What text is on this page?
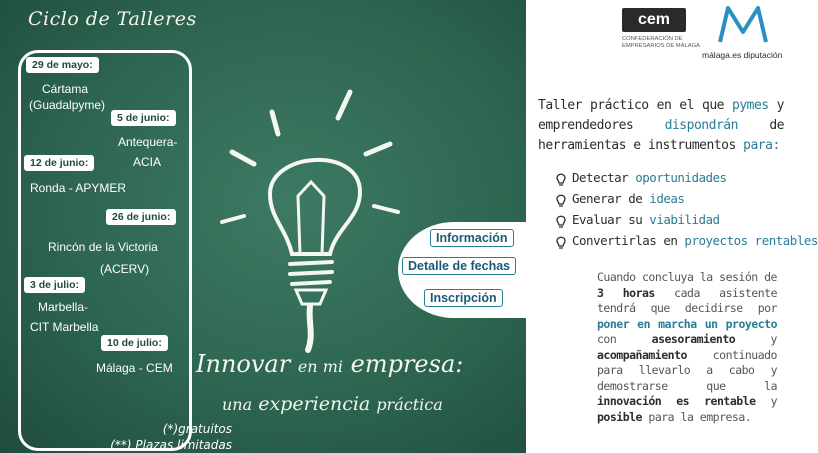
Ciclo de Talleres
29 de mayo:
Cártama
(Guadalpyme)
5 de junio:
Antequera-
ACIA
12 de junio:
Ronda - APYMER
26 de junio:
Rincón de la Victoria
(ACERV)
3 de julio:
Marbella-
CIT Marbella
10 de julio:
Málaga - CEM
Información
Detalle de fechas
Inscripción
Innovar en mi empresa:
una experiencia práctica
(*)gratuitos
(**) Plazas limitadas
cem
CONFEDERACIÓN DE EMPRESARIOS DE MÁLAGA
málaga.es diputación
Taller práctico en el que pymes y emprendedores dispondrán de herramientas e instrumentos para:
Detectar oportunidades
Generar de ideas
Evaluar su viabilidad
Convertirlas en proyectos rentables
Cuando concluya la sesión de 3 horas cada asistente tendrá que decidirse por poner en marcha un proyecto con	asesoramiento	y acompañamiento continuado para llevarlo a cabo y demostrarse que la innovación es rentable y posible para la empresa.
